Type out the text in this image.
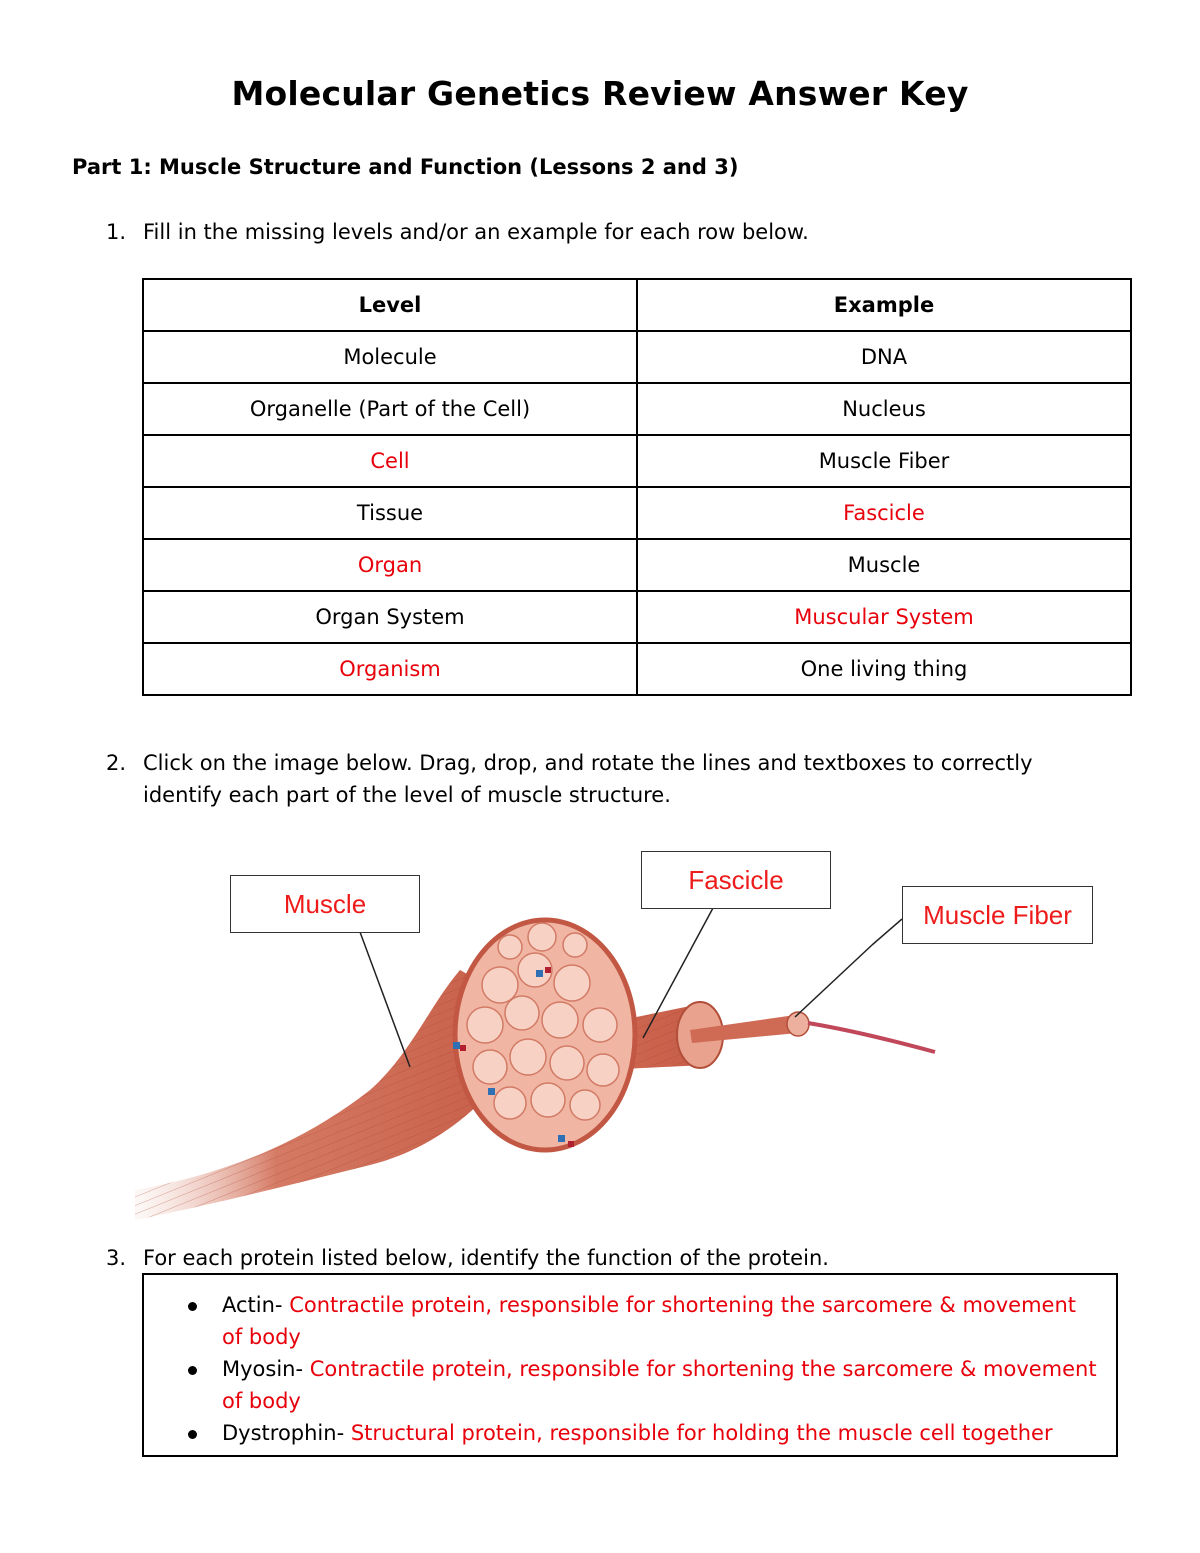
Molecular Genetics Review Answer Key
Part 1: Muscle Structure and Function (Lessons 2 and 3)
1. Fill in the missing levels and/or an example for each row below.
Level	Example
Molecule	DNA
Organelle (Part of the Cell)	Nucleus
Cell	Muscle Fiber
Tissue	Fascicle
Organ	Muscle
Organ System	Muscular System
Organism	One living thing
2. Click on the image below. Drag, drop, and rotate the lines and textboxes to correctly identify each part of the level of muscle structure.
Muscle
Fascicle
Muscle Fiber
3. For each protein listed below, identify the function of the protein.
Actin- Contractile protein, responsible for shortening the sarcomere & movement of body
Myosin- Contractile protein, responsible for shortening the sarcomere & movement of body
Dystrophin- Structural protein, responsible for holding the muscle cell together
